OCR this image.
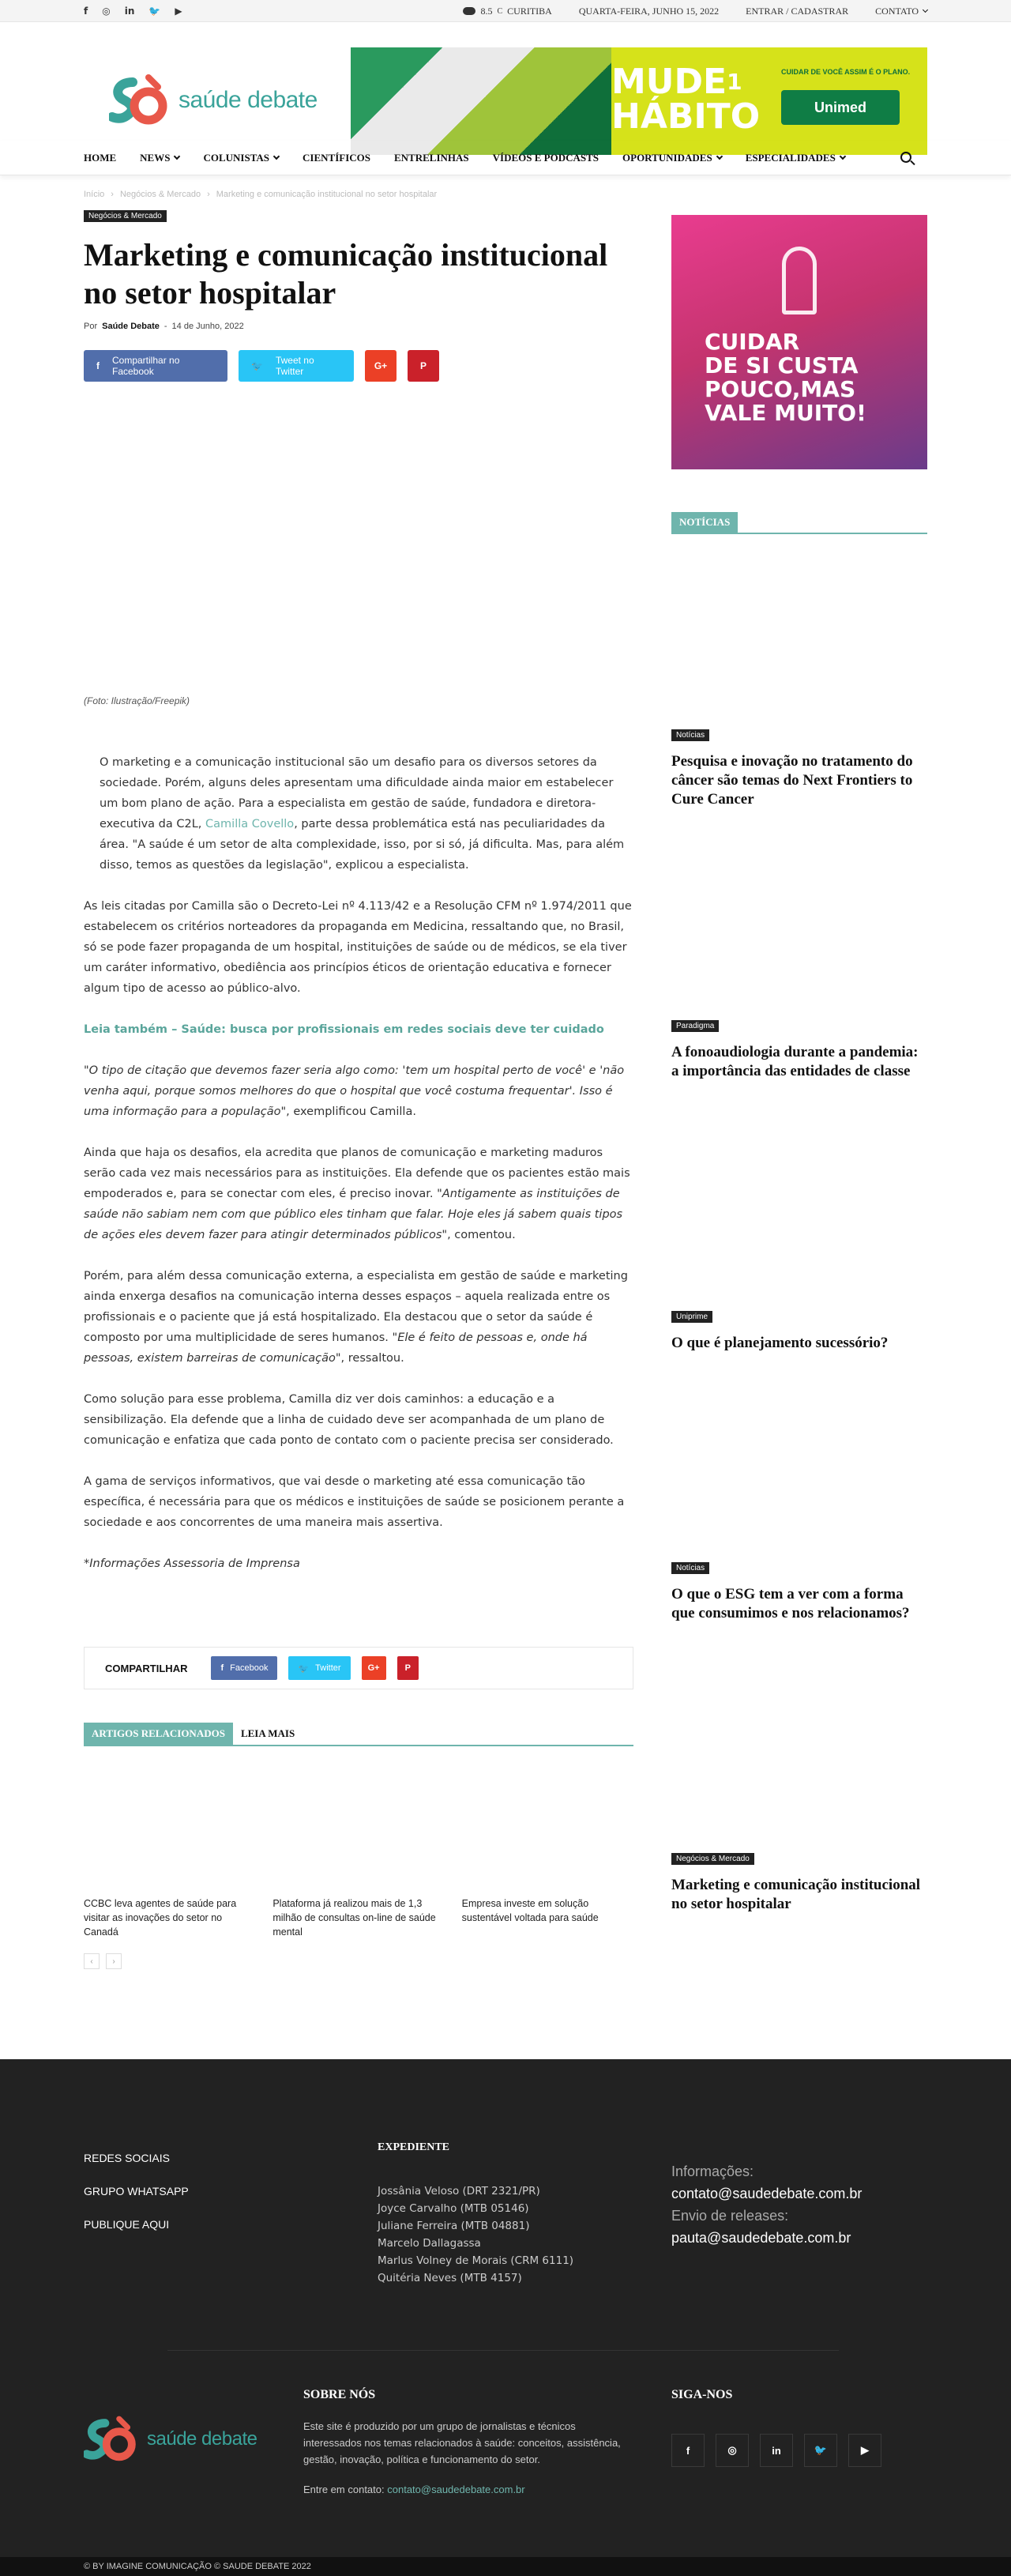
f ◎ in 🐦 ▶	8.5 C CURITIBA	QUARTA-FEIRA, JUNHO 15, 2022	ENTRAR / CADASTRAR	CONTATO
saúde debate	MUDE$^1$
HÁBITO
CUIDAR DE VOCÊ ASSIM É O PLANO.
Unimed
HOME NEWS	COLUNISTAS	CIENTÍFICOS ENTRELINHAS VÍDEOS E PODCASTS OPORTUNIDADES	ESPECIALIDADES
Início › Negócios & Mercado › Marketing e comunicação institucional no setor hospitalar
Negócios & Mercado
Marketing e comunicação institucional no setor hospitalar
Por Saúde Debate - 14 de Junho, 2022
f Compartilhar no Facebook	🐦 Tweet no Twitter	G+	P
(Foto: Ilustração/Freepik)

O marketing e a comunicação institucional são um desafio para os diversos setores da sociedade. Porém, alguns deles apresentam uma dificuldade ainda maior em estabelecer um bom plano de ação. Para a especialista em gestão de saúde, fundadora e diretora-executiva da C2L, Camilla Covello, parte dessa problemática está nas peculiaridades da área. "A saúde é um setor de alta complexidade, isso, por si só, já dificulta. Mas, para além disso, temos as questões da legislação", explicou a especialista.

As leis citadas por Camilla são o Decreto-Lei nº 4.113/42 e a Resolução CFM nº 1.974/2011 que estabelecem os critérios norteadores da propaganda em Medicina, ressaltando que, no Brasil, só se pode fazer propaganda de um hospital, instituições de saúde ou de médicos, se ela tiver um caráter informativo, obediência aos princípios éticos de orientação educativa e fornecer algum tipo de acesso ao público-alvo.

Leia também – Saúde: busca por profissionais em redes sociais deve ter cuidado

"O tipo de citação que devemos fazer seria algo como: 'tem um hospital perto de você' e 'não venha aqui, porque somos melhores do que o hospital que você costuma frequentar'. Isso é uma informação para a população", exemplificou Camilla.

Ainda que haja os desafios, ela acredita que planos de comunicação e marketing maduros serão cada vez mais necessários para as instituições. Ela defende que os pacientes estão mais empoderados e, para se conectar com eles, é preciso inovar. "Antigamente as instituições de saúde não sabiam nem com que público eles tinham que falar. Hoje eles já sabem quais tipos de ações eles devem fazer para atingir determinados públicos", comentou.

Porém, para além dessa comunicação externa, a especialista em gestão de saúde e marketing ainda enxerga desafios na comunicação interna desses espaços – aquela realizada entre os profissionais e o paciente que já está hospitalizado. Ela destacou que o setor da saúde é composto por uma multiplicidade de seres humanos. "Ele é feito de pessoas e, onde há pessoas, existem barreiras de comunicação", ressaltou.

Como solução para esse problema, Camilla diz ver dois caminhos: a educação e a sensibilização. Ela defende que a linha de cuidado deve ser acompanhada de um plano de comunicação e enfatiza que cada ponto de contato com o paciente precisa ser considerado.

A gama de serviços informativos, que vai desde o marketing até essa comunicação tão específica, é necessária para que os médicos e instituições de saúde se posicionem perante a sociedade e aos concorrentes de uma maneira mais assertiva.

*Informações Assessoria de Imprensa

COMPARTILHAR	f Facebook	🐦 Twitter	G+	P
ARTIGOS RELACIONADOS	LEIA MAIS
CCBC leva agentes de saúde para visitar as inovações do setor no Canadá
Plataforma já realizou mais de 1,3 milhão de consultas on-line de saúde mental
Empresa investe em solução sustentável voltada para saúde
‹	›
CUIDAR
DE SI CUSTA
POUCO,MAS
VALE MUITO!
NOTÍCIAS
Notícias
Pesquisa e inovação no tratamento do câncer são temas do Next Frontiers to Cure Cancer
Paradigma
A fonoaudiologia durante a pandemia: a importância das entidades de classe
Uniprime
O que é planejamento sucessório?
Notícias
O que o ESG tem a ver com a forma que consumimos e nos relacionamos?
Negócios & Mercado
Marketing e comunicação institucional no setor hospitalar
REDES SOCIAIS
GRUPO WHATSAPP
PUBLIQUE AQUI
EXPEDIENTE
Jossânia Veloso (DRT 2321/PR)
Joyce Carvalho (MTB 05146)
Juliane Ferreira (MTB 04881)
Marcelo Dallagassa
Marlus Volney de Morais (CRM 6111)
Quitéria Neves (MTB 4157)
Informações:
contato@saudedebate.com.br
Envio de releases:
pauta@saudedebate.com.br
saúde debate
SOBRE NÓS
Este site é produzido por um grupo de jornalistas e técnicos interessados nos temas relacionados à saúde: conceitos, assistência, gestão, inovação, política e funcionamento do setor.
Entre em contato: contato@saudedebate.com.br
SIGA-NOS
f	◎	in	🐦	▶
© BY IMAGINE COMUNICAÇÃO © SAUDE DEBATE 2022
